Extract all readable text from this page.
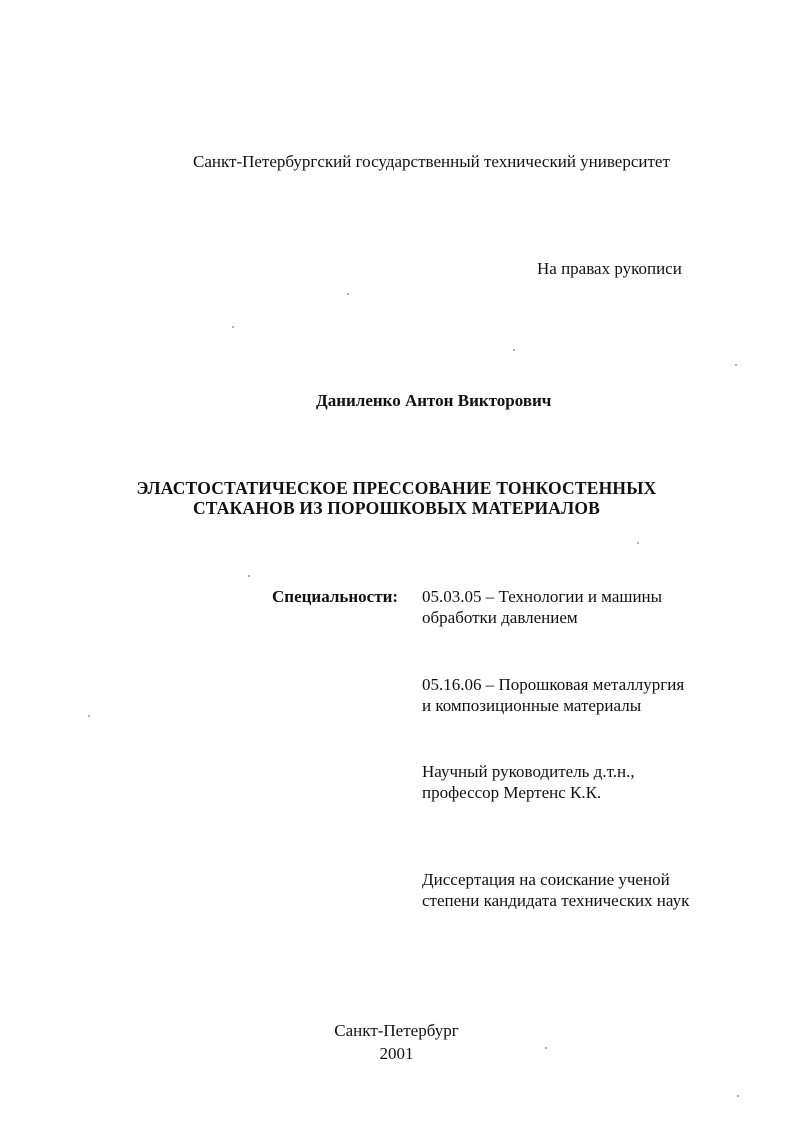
Санкт-Петербургский государственный технический университет
На правах рукописи
Даниленко Антон Викторович
ЭЛАСТОСТАТИЧЕСКОЕ ПРЕССОВАНИЕ ТОНКОСТЕННЫХ
СТАКАНОВ ИЗ ПОРОШКОВЫХ МАТЕРИАЛОВ
Специальности: 05.03.05 – Технологии и машины
обработки давлением
05.16.06 – Порошковая металлургия
и композиционные материалы
Научный руководитель д.т.н.,
профессор Мертенс К.К.
Диссертация на соискание ученой
степени кандидата технических наук
Санкт-Петербург
2001
